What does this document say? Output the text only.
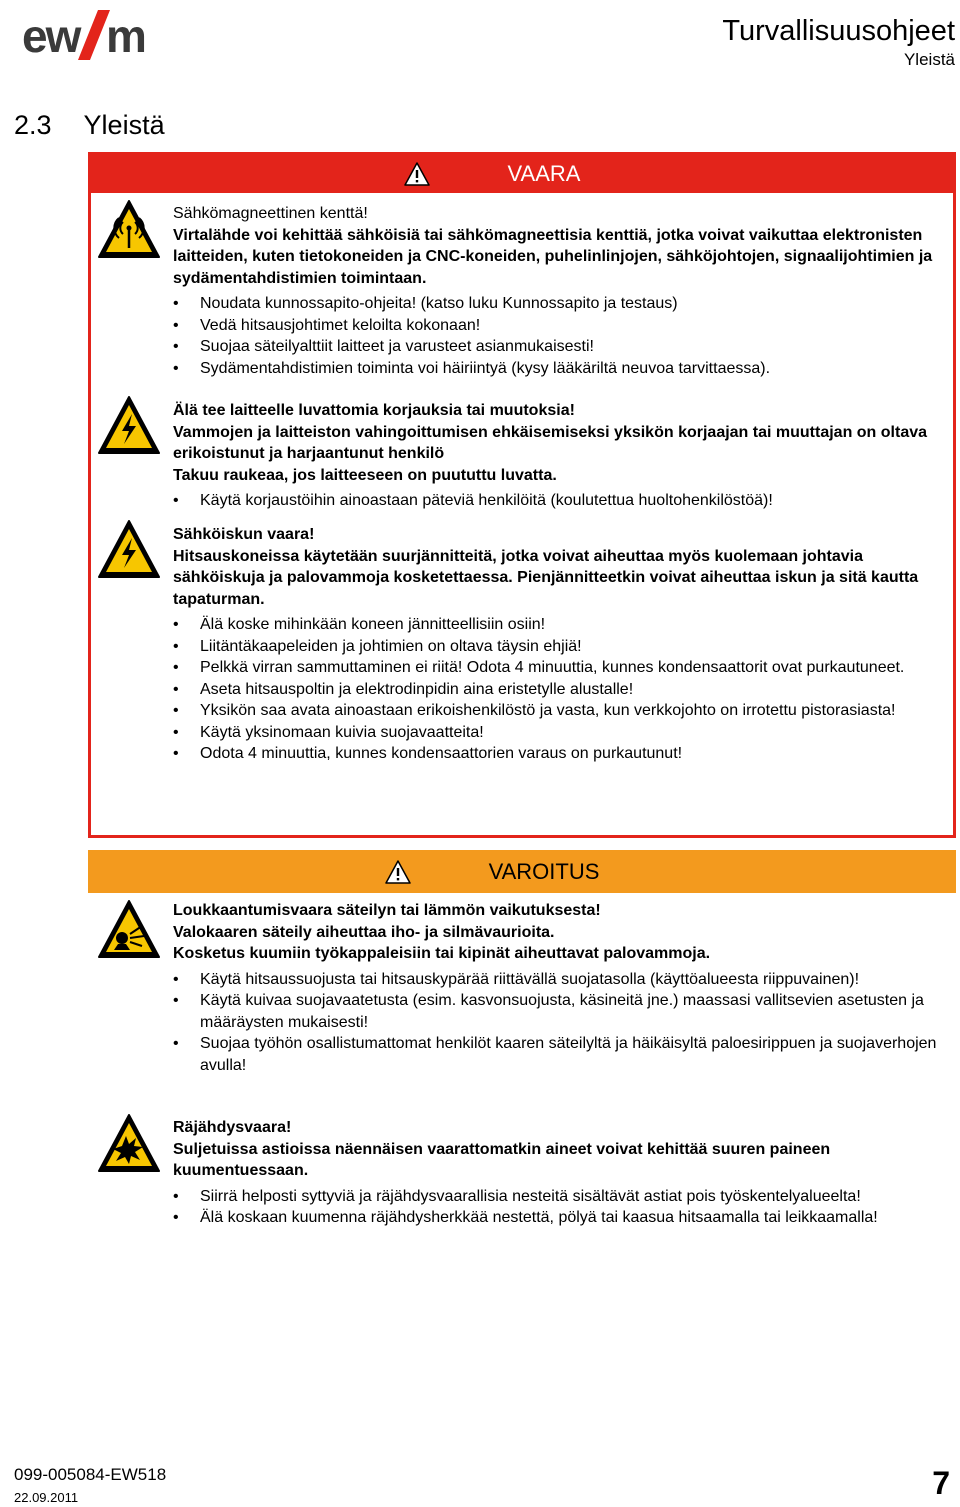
ew m	Turvallisuusohjeet
Yleistä
2.3 Yleistä
VAARA

Sähkömagneettinen kenttä!

Virtalähde voi kehittää sähköisiä tai sähkömagneettisia kenttiä, jotka voivat vaikuttaa elektronisten laitteiden, kuten tietokoneiden ja CNC-koneiden, puhelinlinjojen, sähköjohtojen, signaalijohtimien ja sydämentahdistimien toimintaan.

• Noudata kunnossapito-ohjeita! (katso luku Kunnossapito ja testaus)
• Vedä hitsausjohtimet keloilta kokonaan!
• Suojaa säteilyalttiit laitteet ja varusteet asianmukaisesti!
• Sydämentahdistimien toiminta voi häiriintyä (kysy lääkäriltä neuvoa tarvittaessa).

Älä tee laitteelle luvattomia korjauksia tai muutoksia!

Vammojen ja laitteiston vahingoittumisen ehkäisemiseksi yksikön korjaajan tai muuttajan on oltava erikoistunut ja harjaantunut henkilö

Takuu raukeaa, jos laitteeseen on puututtu luvatta.

• Käytä korjaustöihin ainoastaan päteviä henkilöitä (koulutettua huoltohenkilöstöä)!

Sähköiskun vaara!

Hitsauskoneissa käytetään suurjännitteitä, jotka voivat aiheuttaa myös kuolemaan johtavia sähköiskuja ja palovammoja kosketettaessa. Pienjännitteetkin voivat aiheuttaa iskun ja sitä kautta tapaturman.

• Älä koske mihinkään koneen jännitteellisiin osiin!
• Liitäntäkaapeleiden ja johtimien on oltava täysin ehjiä!
• Pelkkä virran sammuttaminen ei riitä! Odota 4 minuuttia, kunnes kondensaattorit ovat purkautuneet.
• Aseta hitsauspoltin ja elektrodinpidin aina eristetylle alustalle!
• Yksikön saa avata ainoastaan erikoishenkilöstö ja vasta, kun verkkojohto on irrotettu pistorasiasta!
• Käytä yksinomaan kuivia suojavaatteita!
• Odota 4 minuuttia, kunnes kondensaattorien varaus on purkautunut!
VAROITUS

Loukkaantumisvaara säteilyn tai lämmön vaikutuksesta!

Valokaaren säteily aiheuttaa iho- ja silmävaurioita.

Kosketus kuumiin työkappaleisiin tai kipinät aiheuttavat palovammoja.

• Käytä hitsaussuojusta tai hitsauskypärää riittävällä suojatasolla (käyttöalueesta riippuvainen)!
• Käytä kuivaa suojavaatetusta (esim. kasvonsuojusta, käsineitä jne.) maassasi vallitsevien asetusten ja määräysten mukaisesti!
• Suojaa työhön osallistumattomat henkilöt kaaren säteilyltä ja häikäisyltä paloesirippuen ja suojaverhojen avulla!

Räjähdysvaara!

Suljetuissa astioissa näennäisen vaarattomatkin aineet voivat kehittää suuren paineen kuumentuessaan.

• Siirrä helposti syttyviä ja räjähdysvaarallisia nesteitä sisältävät astiat pois työskentelyalueelta!
• Älä koskaan kuumenna räjähdysherkkää nestettä, pölyä tai kaasua hitsaamalla tai leikkaamalla!
099-005084-EW518
22.09.2011	7
